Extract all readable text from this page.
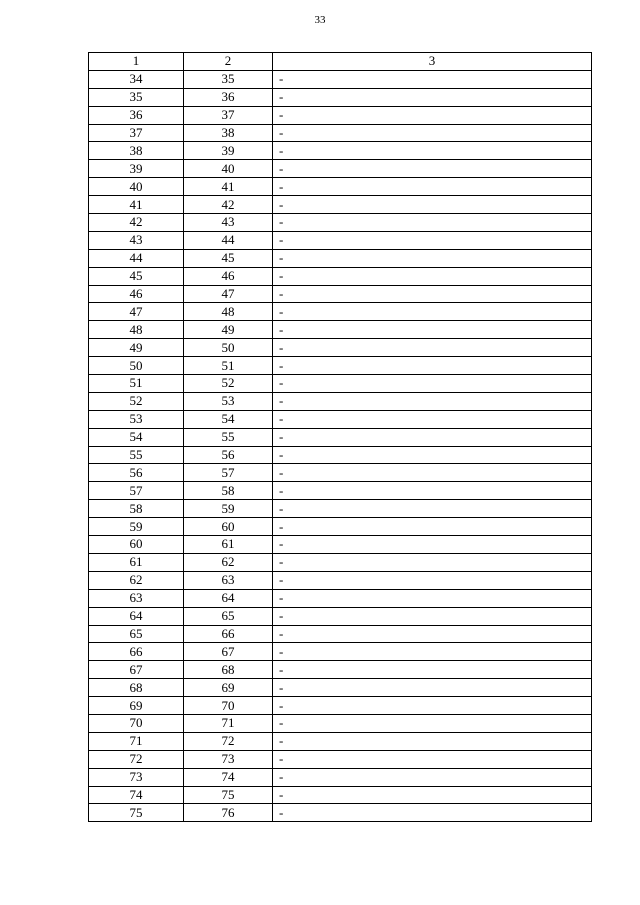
33
1	2	3
34	35	-
35	36	-
36	37	-
37	38	-
38	39	-
39	40	-
40	41	-
41	42	-
42	43	-
43	44	-
44	45	-
45	46	-
46	47	-
47	48	-
48	49	-
49	50	-
50	51	-
51	52	-
52	53	-
53	54	-
54	55	-
55	56	-
56	57	-
57	58	-
58	59	-
59	60	-
60	61	-
61	62	-
62	63	-
63	64	-
64	65	-
65	66	-
66	67	-
67	68	-
68	69	-
69	70	-
70	71	-
71	72	-
72	73	-
73	74	-
74	75	-
75	76	-
